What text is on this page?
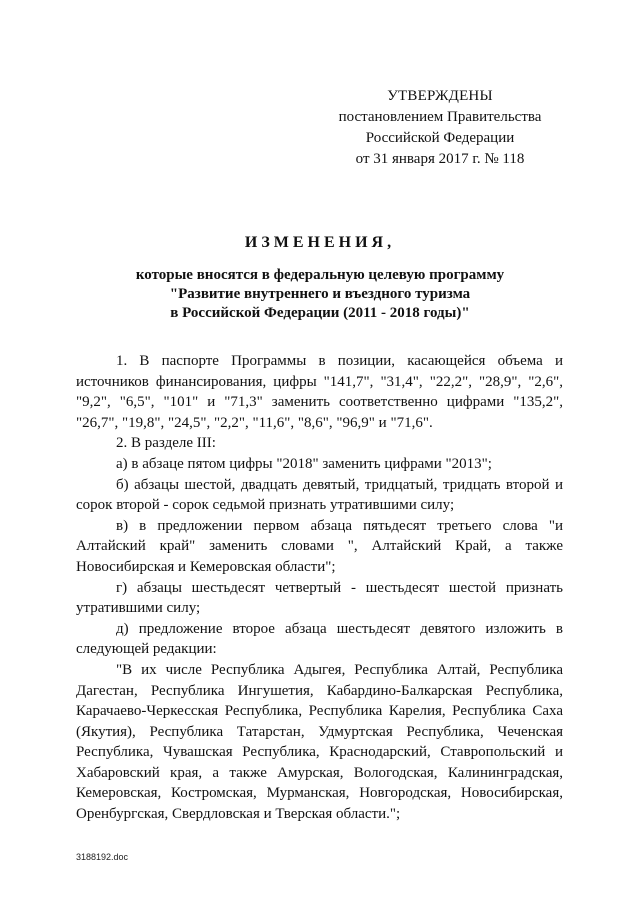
УТВЕРЖДЕНЫ
постановлением Правительства
Российской Федерации
от 31 января 2017 г. № 118
ИЗМЕНЕНИЯ,
которые вносятся в федеральную целевую программу
"Развитие внутреннего и въездного туризма
в Российской Федерации (2011 - 2018 годы)"

1. В паспорте Программы в позиции, касающейся объема и источников финансирования, цифры "141,7", "31,4", "22,2", "28,9", "2,6", "9,2", "6,5", "101" и "71,3" заменить соответственно цифрами "135,2", "26,7", "19,8", "24,5", "2,2", "11,6", "8,6", "96,9" и "71,6".

2. В разделе III:

а) в абзаце пятом цифры "2018" заменить цифрами "2013";

б) абзацы шестой, двадцать девятый, тридцатый, тридцать второй и сорок второй - сорок седьмой признать утратившими силу;

в) в предложении первом абзаца пятьдесят третьего слова "и Алтайский край" заменить словами ", Алтайский Край, а также Новосибирская и Кемеровская области";

г) абзацы шестьдесят четвертый - шестьдесят шестой признать утратившими силу;

д) предложение второе абзаца шестьдесят девятого изложить в следующей редакции:

"В их числе Республика Адыгея, Республика Алтай, Республика Дагестан, Республика Ингушетия, Кабардино-Балкарская Республика, Карачаево-Черкесская Республика, Республика Карелия, Республика Саха (Якутия), Республика Татарстан, Удмуртская Республика, Чеченская Республика, Чувашская Республика, Краснодарский, Ставропольский и Хабаровский края, а также Амурская, Вологодская, Калининградская, Кемеровская, Костромская, Мурманская, Новгородская, Новосибирская, Оренбургская, Свердловская и Тверская области.";

3188192.doc
